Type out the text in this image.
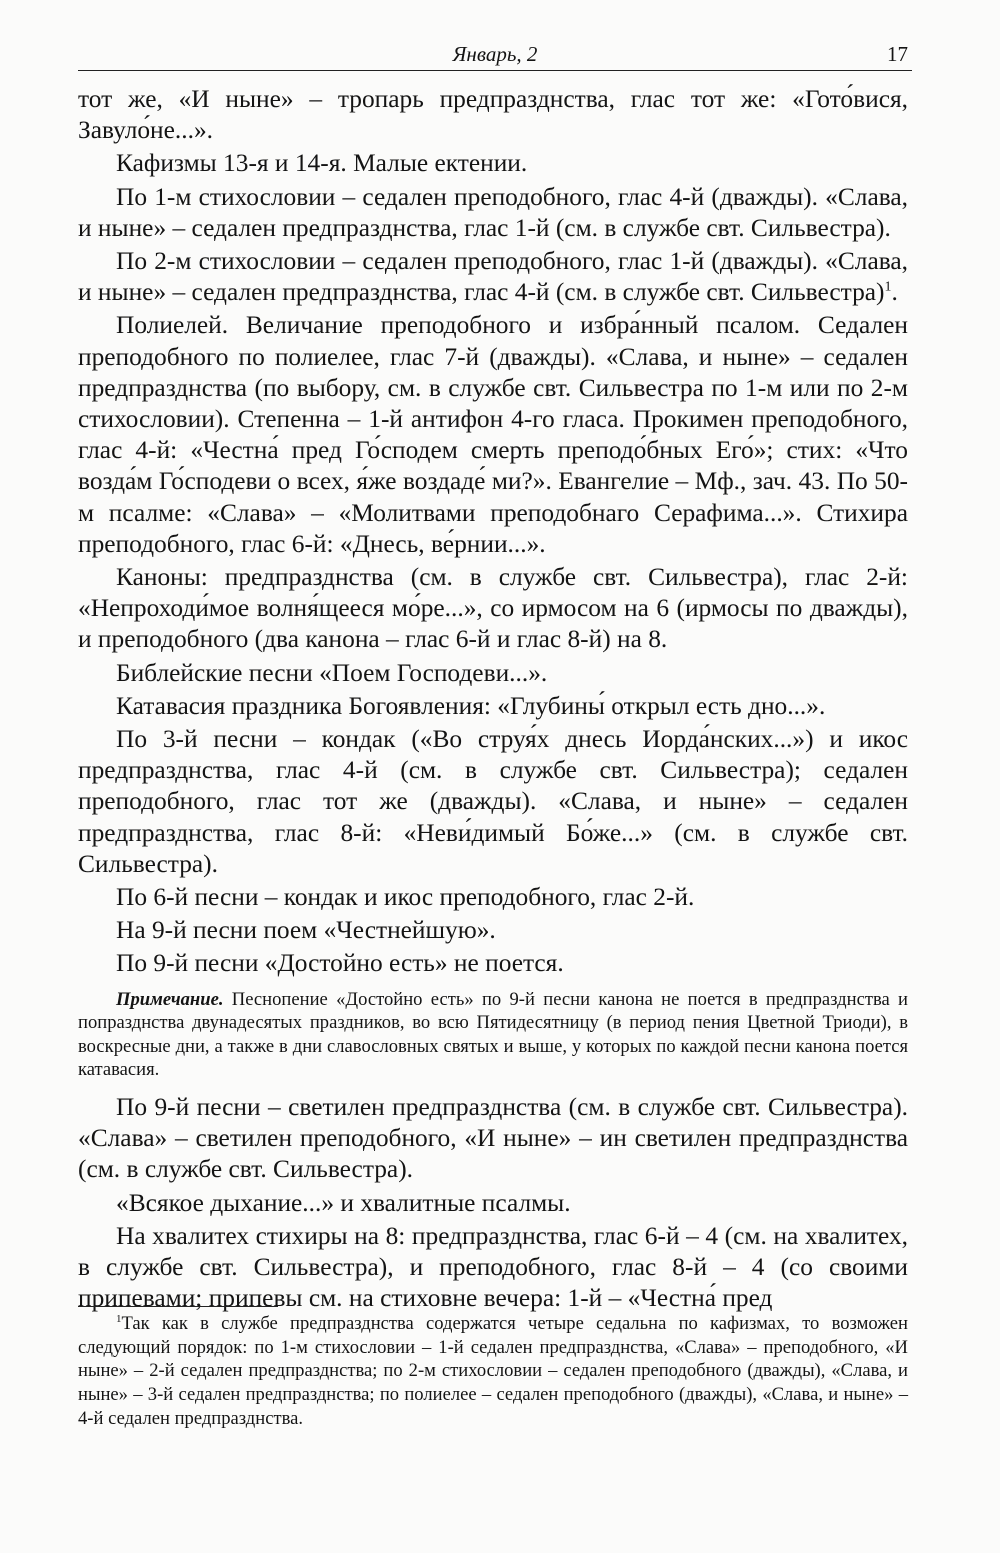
Январь, 2	17

тот же, «И ныне» – тропарь предпразднства, глас тот же: «Гото́вися, Завуло́не...».

Кафизмы 13-я и 14-я. Малые ектении.

По 1-м стихословии – седален преподобного, глас 4-й (дважды). «Слава, и ныне» – седален предпразднства, глас 1-й (см. в службе свт. Сильвестра).

По 2-м стихословии – седален преподобного, глас 1-й (дважды). «Слава, и ныне» – седален предпразднства, глас 4-й (см. в службе свт. Сильвестра)$^1$.

Полиелей. Величание преподобного и избра́нный псалом. Седален преподобного по полиелее, глас 7-й (дважды). «Слава, и ныне» – седален предпразднства (по выбору, см. в службе свт. Сильвестра по 1-м или по 2-м стихословии). Степенна – 1-й антифон 4-го гласа. Прокимен преподобного, глас 4-й: «Честна́ пред Го́сподем смерть преподо́бных Его́»; стих: «Что возда́м Го́сподеви о всех, я́же воздаде́ ми?». Евангелие – Мф., зач. 43. По 50-м псалме: «Слава» – «Молитвами преподобнаго Серафима...». Стихира преподобного, глас 6-й: «Днесь, ве́рнии...».

Каноны: предпразднства (см. в службе свт. Сильвестра), глас 2-й: «Непроходи́мое волня́щееся мо́ре...», со ирмосом на 6 (ирмосы по дважды), и преподобного (два канона – глас 6-й и глас 8-й) на 8.

Библейские песни «Поем Господеви...».

Катавасия праздника Богоявления: «Глубины́ открыл есть дно...».

По 3-й песни – кондак («Во струя́х днесь Иорда́нских...») и икос предпразднства, глас 4-й (см. в службе свт. Сильвестра); седален преподобного, глас тот же (дважды). «Слава, и ныне» – седален предпразднства, глас 8-й: «Неви́димый Бо́же...» (см. в службе свт. Сильвестра).

По 6-й песни – кондак и икос преподобного, глас 2-й.

На 9-й песни поем «Честнейшую».

По 9-й песни «Достойно есть» не поется.

Примечание. Песнопение «Достойно есть» по 9-й песни канона не поется в предпразднства и попразднства двунадесятых праздников, во всю Пятидесятницу (в период пения Цветной Триоди), в воскресные дни, а также в дни славословных святых и выше, у которых по каждой песни канона поется катавасия.

По 9-й песни – светилен предпразднства (см. в службе свт. Сильвестра). «Слава» – светилен преподобного, «И ныне» – ин светилен предпразднства (см. в службе свт. Сильвестра).

«Всякое дыхание...» и хвалитные псалмы.

На хвалитех стихиры на 8: предпразднства, глас 6-й – 4 (см. на хвалитех, в службе свт. Сильвестра), и преподобного, глас 8-й – 4 (со своими припевами; припевы см. на стиховне вечера: 1-й – «Честна́ пред

$^1$Так как в службе предпразднства содержатся четыре седальна по кафизмах, то возможен следующий порядок: по 1-м стихословии – 1-й седален предпразднства, «Слава» – преподобного, «И ныне» – 2-й седален предпразднства; по 2-м стихословии – седален преподобного (дважды), «Слава, и ныне» – 3-й седален предпразднства; по полиелее – седален преподобного (дважды), «Слава, и ныне» – 4-й седален предпразднства.
